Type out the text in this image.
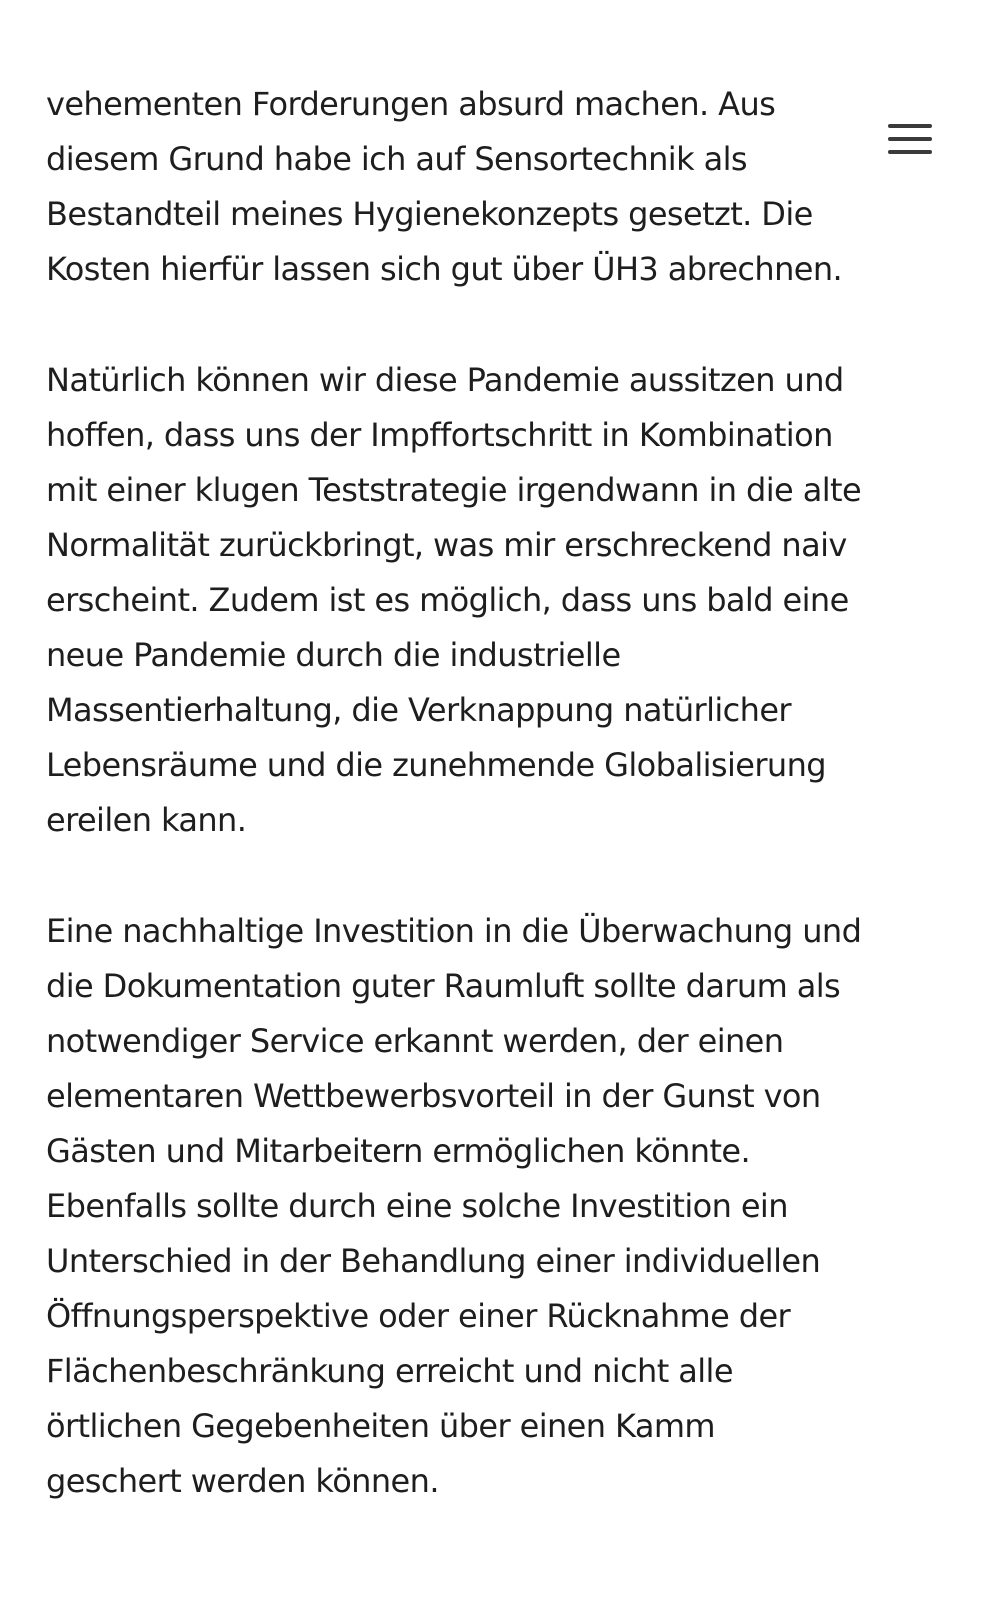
vehementen Forderungen absurd machen. Aus
diesem Grund habe ich auf Sensortechnik als
Bestandteil meines Hygienekonzepts gesetzt. Die
Kosten hierfür lassen sich gut über ÜH3 abrechnen.

Natürlich können wir diese Pandemie aussitzen und
hoffen, dass uns der Impffortschritt in Kombination
mit einer klugen Teststrategie irgendwann in die alte
Normalität zurückbringt, was mir erschreckend naiv
erscheint. Zudem ist es möglich, dass uns bald eine
neue Pandemie durch die industrielle
Massentierhaltung, die Verknappung natürlicher
Lebensräume und die zunehmende Globalisierung
ereilen kann.

Eine nachhaltige Investition in die Überwachung und
die Dokumentation guter Raumluft sollte darum als
notwendiger Service erkannt werden, der einen
elementaren Wettbewerbsvorteil in der Gunst von
Gästen und Mitarbeitern ermöglichen könnte.
Ebenfalls sollte durch eine solche Investition ein
Unterschied in der Behandlung einer individuellen
Öffnungsperspektive oder einer Rücknahme der
Flächenbeschränkung erreicht und nicht alle
örtlichen Gegebenheiten über einen Kamm
geschert werden können.
